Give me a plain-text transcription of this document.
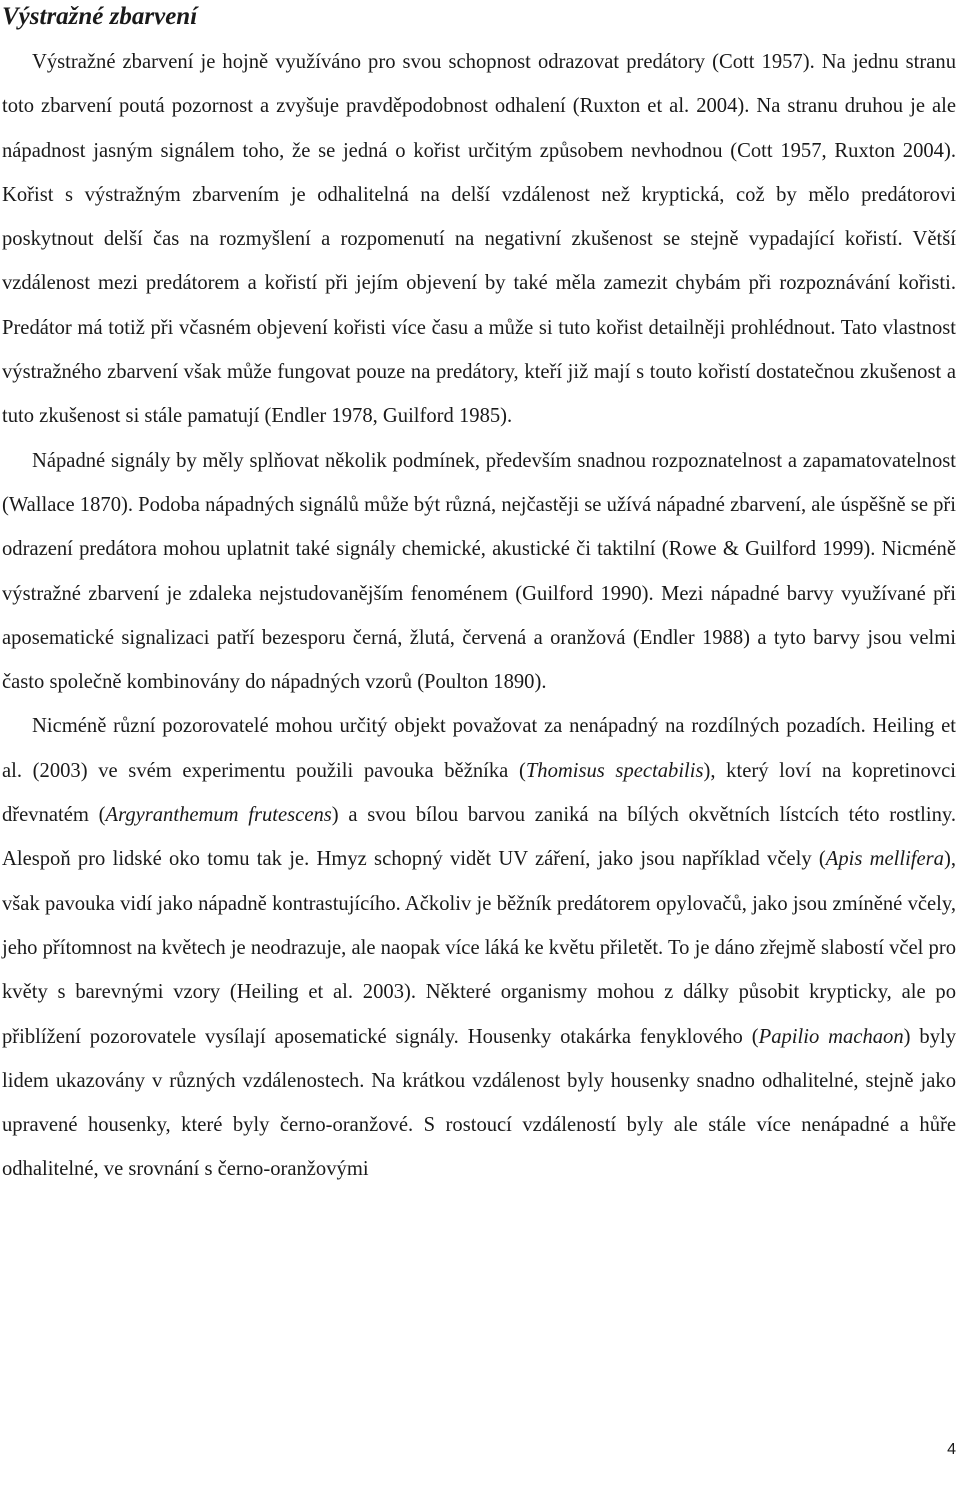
Výstražné zbarvení

Výstražné zbarvení je hojně využíváno pro svou schopnost odrazovat predátory (Cott 1957). Na jednu stranu toto zbarvení poutá pozornost a zvyšuje pravděpodobnost odhalení (Ruxton et al. 2004). Na stranu druhou je ale nápadnost jasným signálem toho, že se jedná o kořist určitým způsobem nevhodnou (Cott 1957, Ruxton 2004). Kořist s výstražným zbarvením je odhalitelná na delší vzdálenost než kryptická, což by mělo predátorovi poskytnout delší čas na rozmyšlení a rozpomenutí na negativní zkušenost se stejně vypadající kořistí. Větší vzdálenost mezi predátorem a kořistí při jejím objevení by také měla zamezit chybám při rozpoznávání kořisti. Predátor má totiž při včasném objevení kořisti více času a může si tuto kořist detailněji prohlédnout. Tato vlastnost výstražného zbarvení však může fungovat pouze na predátory, kteří již mají s touto kořistí dostatečnou zkušenost a tuto zkušenost si stále pamatují (Endler 1978, Guilford 1985).

Nápadné signály by měly splňovat několik podmínek, především snadnou rozpoznatelnost a zapamatovatelnost (Wallace 1870). Podoba nápadných signálů může být různá, nejčastěji se užívá nápadné zbarvení, ale úspěšně se při odrazení predátora mohou uplatnit také signály chemické, akustické či taktilní (Rowe & Guilford 1999). Nicméně výstražné zbarvení je zdaleka nejstudovanějším fenoménem (Guilford 1990). Mezi nápadné barvy využívané při aposematické signalizaci patří bezesporu černá, žlutá, červená a oranžová (Endler 1988) a tyto barvy jsou velmi často společně kombinovány do nápadných vzorů (Poulton 1890).

Nicméně různí pozorovatelé mohou určitý objekt považovat za nenápadný na rozdílných pozadích. Heiling et al. (2003) ve svém experimentu použili pavouka běžníka (Thomisus spectabilis), který loví na kopretinovci dřevnatém (Argyranthemum frutescens) a svou bílou barvou zaniká na bílých okvětních lístcích této rostliny. Alespoň pro lidské oko tomu tak je. Hmyz schopný vidět UV záření, jako jsou například včely (Apis mellifera), však pavouka vidí jako nápadně kontrastujícího. Ačkoliv je běžník predátorem opylovačů, jako jsou zmíněné včely, jeho přítomnost na květech je neodrazuje, ale naopak více láká ke květu přiletět. To je dáno zřejmě slabostí včel pro květy s barevnými vzory (Heiling et al. 2003). Některé organismy mohou z dálky působit krypticky, ale po přiblížení pozorovatele vysílají aposematické signály. Housenky otakárka fenyklového (Papilio machaon) byly lidem ukazovány v různých vzdálenostech. Na krátkou vzdálenost byly housenky snadno odhalitelné, stejně jako upravené housenky, které byly černo-oranžové. S rostoucí vzdáleností byly ale stále více nenápadné a hůře odhalitelné, ve srovnání s černo-oranžovými

4
